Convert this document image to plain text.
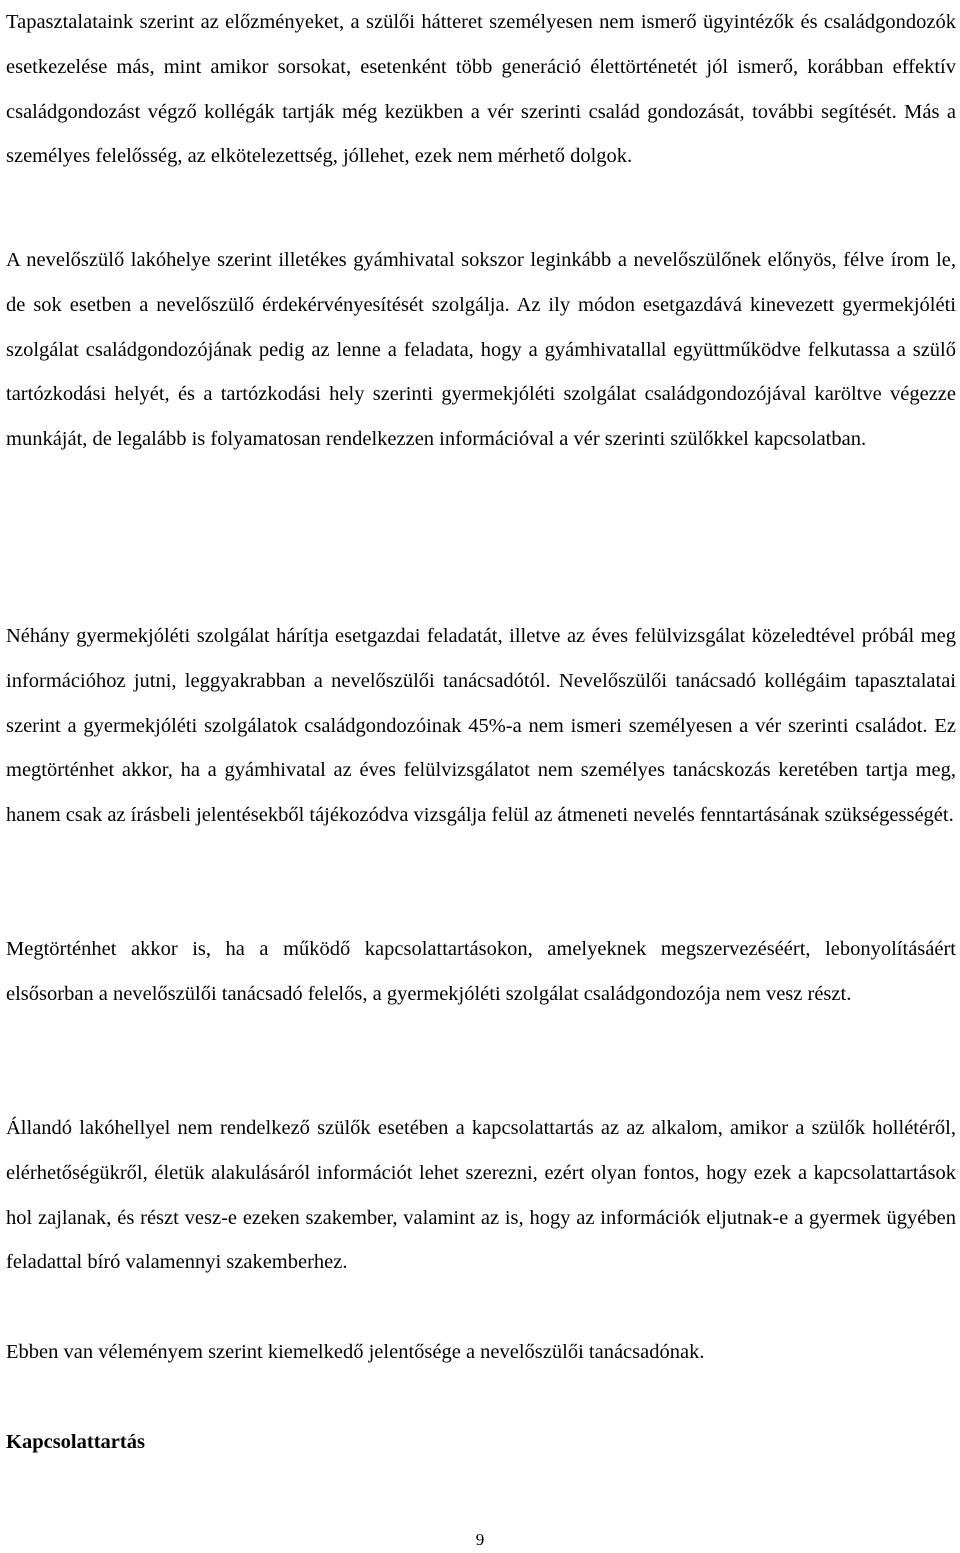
Tapasztalataink szerint az előzményeket, a szülői hátteret személyesen nem ismerő ügyintézők és családgondozók esetkezelése más, mint amikor sorsokat, esetenként több generáció élettörténetét jól ismerő, korábban effektív családgondozást végző kollégák tartják még kezükben a vér szerinti család gondozását, további segítését. Más a személyes felelősség, az elkötelezettség, jóllehet, ezek nem mérhető dolgok.

A nevelőszülő lakóhelye szerint illetékes gyámhivatal sokszor leginkább a nevelőszülőnek előnyös, félve írom le, de sok esetben a nevelőszülő érdekérvényesítését szolgálja. Az ily módon esetgazdává kinevezett gyermekjóléti szolgálat családgondozójának pedig az lenne a feladata, hogy a gyámhivatallal együttműködve felkutassa a szülő tartózkodási helyét, és a tartózkodási hely szerinti gyermekjóléti szolgálat családgondozójával karöltve végezze munkáját, de legalább is folyamatosan rendelkezzen információval a vér szerinti szülőkkel kapcsolatban.

Néhány gyermekjóléti szolgálat hárítja esetgazdai feladatát, illetve az éves felülvizsgálat közeledtével próbál meg információhoz jutni, leggyakrabban a nevelőszülői tanácsadótól. Nevelőszülői tanácsadó kollégáim tapasztalatai szerint a gyermekjóléti szolgálatok családgondozóinak 45%-a nem ismeri személyesen a vér szerinti családot. Ez megtörténhet akkor, ha a gyámhivatal az éves felülvizsgálatot nem személyes tanácskozás keretében tartja meg, hanem csak az írásbeli jelentésekből tájékozódva vizsgálja felül az átmeneti nevelés fenntartásának szükségességét.

Megtörténhet akkor is, ha a működő kapcsolattartásokon, amelyeknek megszervezéséért, lebonyolításáért elsősorban a nevelőszülői tanácsadó felelős, a gyermekjóléti szolgálat családgondozója nem vesz részt.

Állandó lakóhellyel nem rendelkező szülők esetében a kapcsolattartás az az alkalom, amikor a szülők hollétéről, elérhetőségükről, életük alakulásáról információt lehet szerezni, ezért olyan fontos, hogy ezek a kapcsolattartások hol zajlanak, és részt vesz-e ezeken szakember, valamint az is, hogy az információk eljutnak-e a gyermek ügyében feladattal bíró valamennyi szakemberhez.

Ebben van véleményem szerint kiemelkedő jelentősége a nevelőszülői tanácsadónak.

Kapcsolattartás

9
